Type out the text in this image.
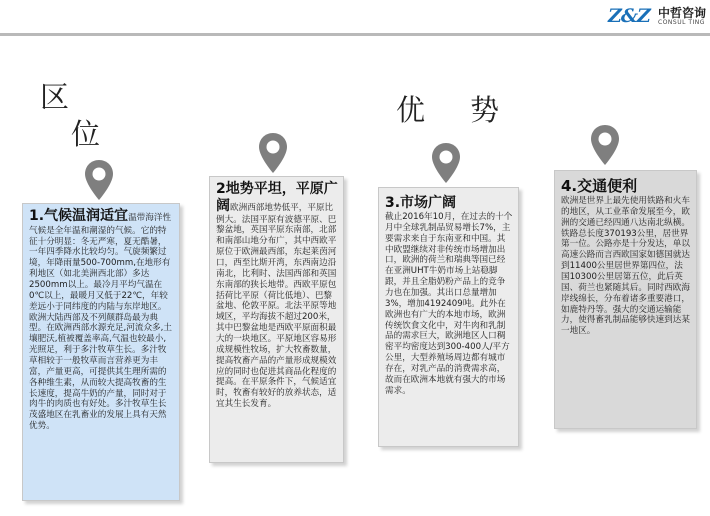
Z&Z 中哲咨询
CONSUL TING
区
位
优 势

1.气候温润适宜温带海洋性气候是全年温和潮湿的气候。它的特征十分明显：冬无严寒，夏无酷暑，一年四季降水比较均匀。气旋频繁过境，年降雨量500-700mm,在地形有利地区（如北美洲西北部）多达2500mm以上。最冷月平均气温在0℃以上，最暖月又低于22℃，年较差远小于同纬度的内陆与东岸地区。欧洲大陆西部及不列颠群岛最为典型。在欧洲西部水源充足,河流众多,土壤肥沃,植被覆盖率高,气温也较最小,光照足，利于多汁牧草生长。多汁牧草相较于一般牧草而言营养更为丰富，产量更高，可提供其生理所需的各种维生素，从而较大提高牧畜的生长速度，提高牛奶的产量，同时对于肉牛的肉质也有好处。多汁牧草生长茂盛地区在乳畜业的发展上具有天然优势。

2地势平坦，平原广阔欧洲西部地势低平，平原比例大。法国平原有波德平原、巴黎盆地，英国平原东南部，北部和南部山地分布广，其中西欧平原位于欧洲最西部，东起莱茵河口，西至比斯开湾，东西南边沿南北，比利时、法国西部和英国东南部的狭长地带。西欧平原包括荷比平原（荷比低地）、巴黎盆地、伦敦平原。北法平原等地域区，平均海拔不超过200米，其中巴黎盆地是西欧平原面积最大的一块地区。平原地区容易形成规模性牧场，扩大牧畜数量，提高牧畜产品的产量形成规模效应的同时也促进其商品化程度的提高。在平原条件下，气候适宜时，牧畜有较好的放养状态，适宜其生长发育。

3.市场广阔

截止2016年10月，在过去的十个月中全球乳制品贸易增长7%，主要需求来自于东南亚和中国。其中欧盟继续对非传统市场增加出口，欧洲的荷兰和瑞典等国已经在亚洲UHT牛奶市场上站稳脚跟，并且全脂奶粉产品上的竞争力也在加强。其出口总量增加3%，增加4192409吨。此外在欧洲也有广大的本地市场，欧洲传统饮食文化中，对牛肉和乳制品的需求巨大，欧洲地区人口稠密平均密度达到300-400人/平方公里，大型养殖场周边都有城市存在，对乳产品的消费需求高，故而在欧洲本地就有强大的市场需求。

4.交通便利

欧洲是世界上最先使用铁路和火车的地区，从工业革命发展至今，欧洲的交通已经四通八达南北纵横。铁路总长度370193公里，居世界第一位。公路亦是十分发达，单以高速公路而言西欧国家如德国就达到11400公里居世界第四位，法国10300公里居第五位，此后英国、荷兰也紧随其后。同时西欧海岸线绵长，分布着诸多重要港口，如鹿特丹等。强大的交通运输能力，使得畜乳制品能够快速到达某一地区。
